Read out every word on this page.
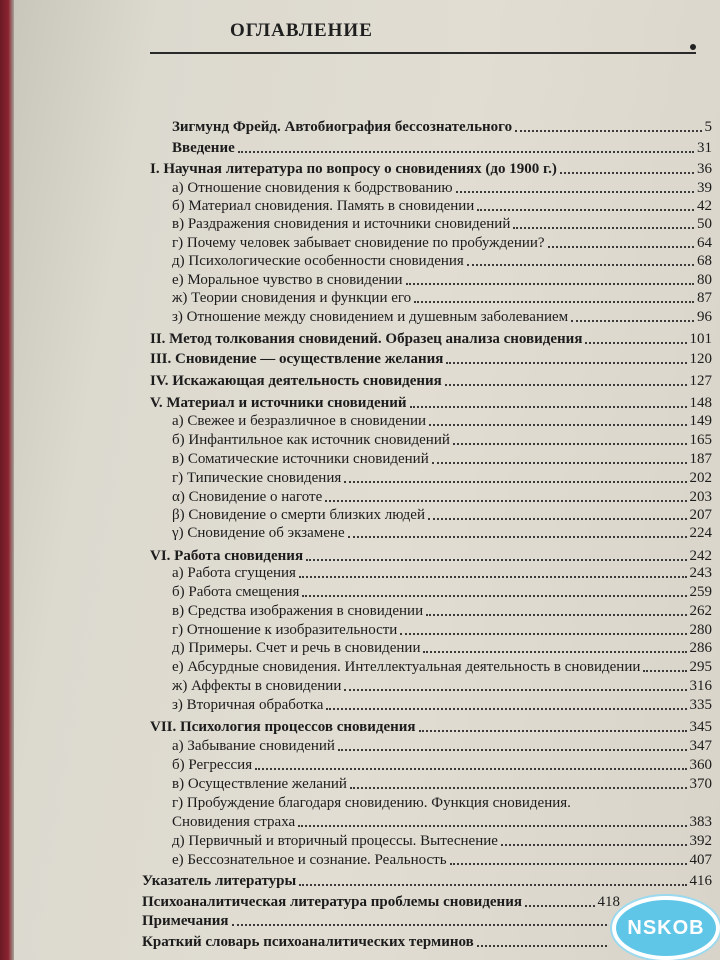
ОГЛАВЛЕНИЕ
Зигмунд Фрейд. Автобиография бессознательного	5
Введение	31
I. Научная литература по вопросу о сновидениях (до 1900 г.)	36
а) Отношение сновидения к бодрствованию	39
б) Материал сновидения. Память в сновидении	42
в) Раздражения сновидения и источники сновидений	50
г) Почему человек забывает сновидение по пробуждении?	64
д) Психологические особенности сновидения	68
е) Моральное чувство в сновидении	80
ж) Теории сновидения и функции его	87
з) Отношение между сновидением и душевным заболеванием	96
II. Метод толкования сновидений. Образец анализа сновидения	101
III. Сновидение — осуществление желания	120
IV. Искажающая деятельность сновидения	127
V. Материал и источники сновидений	148
а) Свежее и безразличное в сновидении	149
б) Инфантильное как источник сновидений	165
в) Соматические источники сновидений	187
г) Типические сновидения	202
α) Сновидение о наготе	203
β) Сновидение о смерти близких людей	207
γ) Сновидение об экзамене	224
VI. Работа сновидения	242
а) Работа сгущения	243
б) Работа смещения	259
в) Средства изображения в сновидении	262
г) Отношение к изобразительности	280
д) Примеры. Счет и речь в сновидении	286
е) Абсурдные сновидения. Интеллектуальная деятельность в сновидении	295
ж) Аффекты в сновидении	316
з) Вторичная обработка	335
VII. Психология процессов сновидения	345
а) Забывание сновидений	347
б) Регрессия	360
в) Осуществление желаний	370
г) Пробуждение благодаря сновидению. Функция сновидения.
Сновидения страха	383
д) Первичный и вторичный процессы. Вытеснение	392
е) Бессознательное и сознание. Реальность	407
Указатель литературы	416
Психоаналитическая литература проблемы сновидения	418
Примечания
Краткий словарь психоаналитических терминов
NSKOB
